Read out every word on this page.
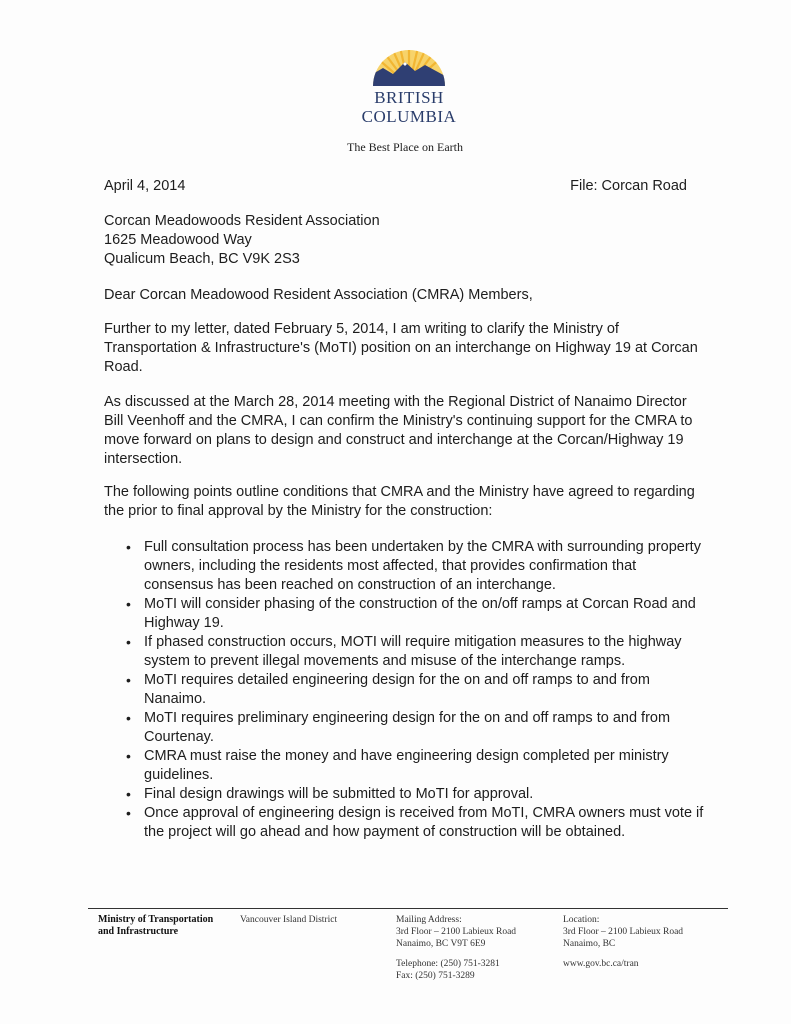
BRITISH
COLUMBIA
The Best Place on Earth
April 4, 2014	File: Corcan Road
Corcan Meadowoods Resident Association
1625 Meadowood Way
Qualicum Beach, BC V9K 2S3
Dear Corcan Meadowood Resident Association (CMRA) Members,
Further to my letter, dated February 5, 2014, I am writing to clarify the Ministry of Transportation & Infrastructure's (MoTI) position on an interchange on Highway 19 at Corcan Road.
As discussed at the March 28, 2014 meeting with the Regional District of Nanaimo Director Bill Veenhoff and the CMRA, I can confirm the Ministry's continuing support for the CMRA to move forward on plans to design and construct and interchange at the Corcan/Highway 19 intersection.
The following points outline conditions that CMRA and the Ministry have agreed to regarding the prior to final approval by the Ministry for the construction:
• Full consultation process has been undertaken by the CMRA with surrounding property owners, including the residents most affected, that provides confirmation that consensus has been reached on construction of an interchange.
• MoTI will consider phasing of the construction of the on/off ramps at Corcan Road and Highway 19.
• If phased construction occurs, MOTI will require mitigation measures to the highway system to prevent illegal movements and misuse of the interchange ramps.
• MoTI requires detailed engineering design for the on and off ramps to and from Nanaimo.
• MoTI requires preliminary engineering design for the on and off ramps to and from Courtenay.
• CMRA must raise the money and have engineering design completed per ministry guidelines.
• Final design drawings will be submitted to MoTI for approval.
• Once approval of engineering design is received from MoTI, CMRA owners must vote if the project will go ahead and how payment of construction will be obtained.
Ministry of Transportation
and Infrastructure
Vancouver Island District	Mailing Address:
3rd Floor – 2100 Labieux Road
Nanaimo, BC V9T 6E9
Telephone: (250) 751-3281
Fax: (250) 751-3289
Location:
3rd Floor – 2100 Labieux Road
Nanaimo, BC
www.gov.bc.ca/tran
